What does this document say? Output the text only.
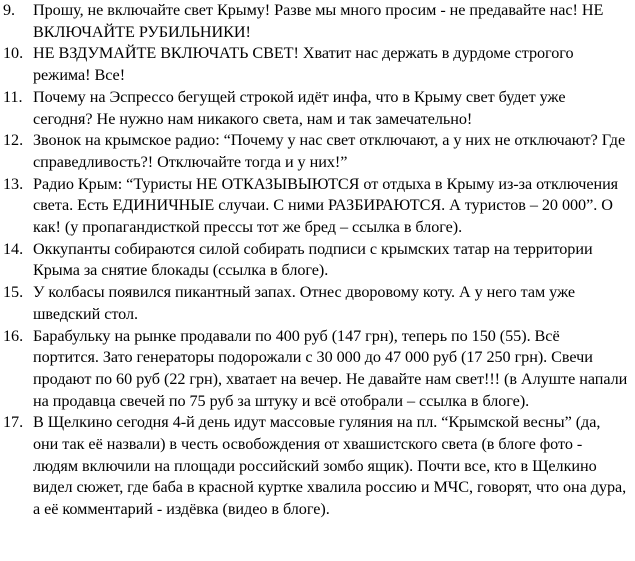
9.	Прошу, не включайте свет Крыму! Разве мы много просим - не предавайте нас! НЕ ВКЛЮЧАЙТЕ РУБИЛЬНИКИ!
10. НЕ ВЗДУМАЙТЕ ВКЛЮЧАТЬ СВЕТ! Хватит нас держать в дурдоме строгого режима! Все!
11. Почему на Эспрессо бегущей строкой идёт инфа, что в Крыму свет будет уже сегодня? Не нужно нам никакого света, нам и так замечательно!
12. Звонок на крымское радио: “Почему у нас свет отключают, а у них не отключают? Где справедливость?! Отключайте тогда и у них!”
13. Радио Крым: “Туристы НЕ ОТКАЗЫВЫЮТСЯ от отдыха в Крыму из-за отключения света. Есть ЕДИНИЧНЫЕ случаи. С ними РАЗБИРАЮТСЯ. А туристов – 20 000”. О как! (у пропагандисткой прессы тот же бред – ссылка в блоге).
14. Оккупанты собираются силой собирать подписи с крымских татар на территории Крыма за снятие блокады (ссылка в блоге).
15. У колбасы появился пикантный запах. Отнес дворовому коту. А у него там уже шведский стол.
16. Барабульку на рынке продавали по 400 руб (147 грн), теперь по 150 (55). Всё портится. Зато генераторы подорожали с 30 000 до 47 000 руб (17 250 грн). Свечи продают по 60 руб (22 грн), хватает на вечер. Не давайте нам свет!!! (в Алуште напали на продавца свечей по 75 руб за штуку и всё отобрали – ссылка в блоге).
17. В Щелкино сегодня 4-й день идут массовые гуляния на пл. “Крымской весны” (да, они так её назвали) в честь освобождения от хвашистского света (в блоге фото - людям включили на площади российский зомбо ящик). Почти все, кто в Щелкино видел сюжет, где баба в красной куртке хвалила россию и МЧС, говорят, что она дура, а её комментарий - издёвка (видео в блоге).
